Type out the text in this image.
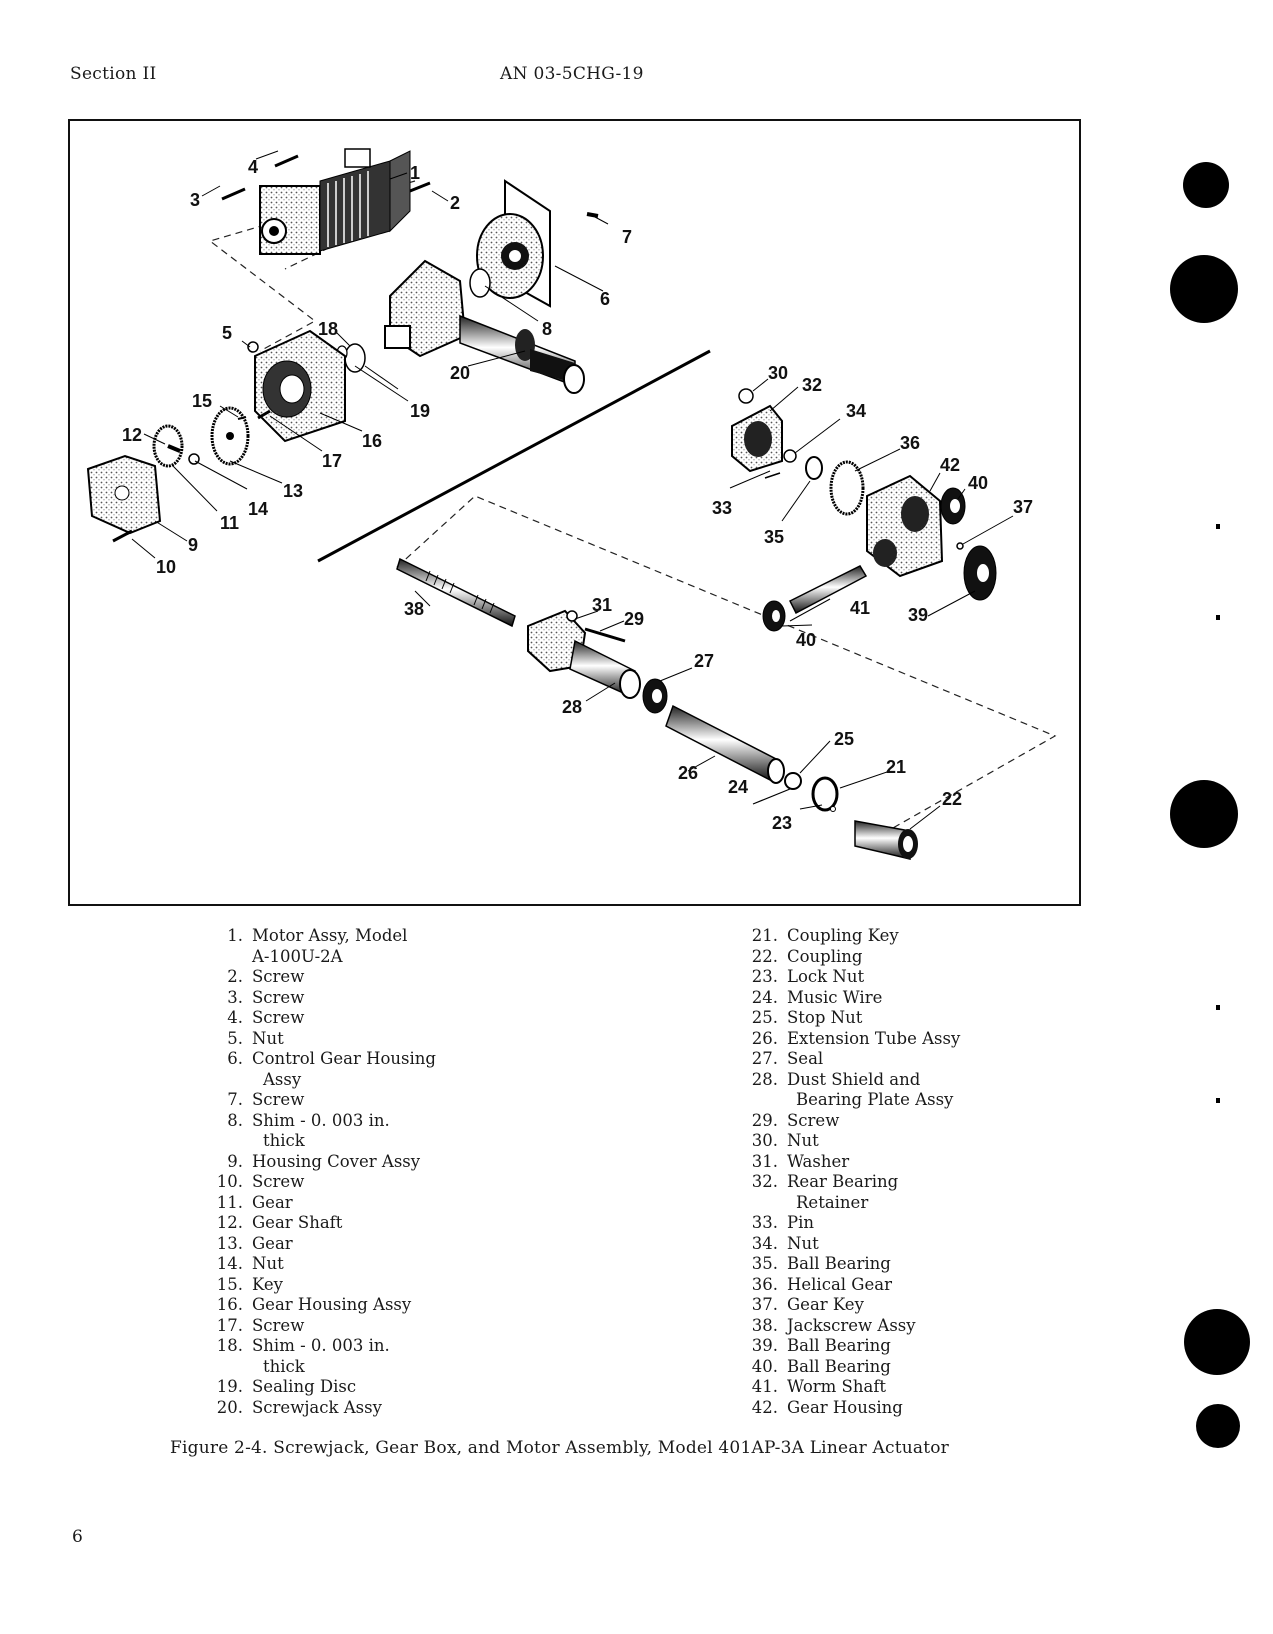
Section II	AN 03-5CHG-19
1
2
3
4
5
6
7
8
9
10
11
12
13
14
15
16
17
18
19
20
21
22
23
24
25
26
27
28
29
30
31
32
33
34
35
36
37
38	39
40
40
41
42
1. Motor Assy, Model
A-100U-2A
2. Screw
3. Screw
4. Screw
5. Nut
6. Control Gear Housing
Assy
7. Screw
8. Shim - 0. 003 in.
thick
9. Housing Cover Assy
10. Screw
11. Gear
12. Gear Shaft
13. Gear
14. Nut
15. Key
16. Gear Housing Assy
17. Screw
18. Shim - 0. 003 in.
thick
19. Sealing Disc
20. Screwjack Assy
21. Coupling Key
22. Coupling
23. Lock Nut
24. Music Wire
25. Stop Nut
26. Extension Tube Assy
27. Seal
28. Dust Shield and
Bearing Plate Assy
29. Screw
30. Nut
31. Washer
32. Rear Bearing
Retainer
33. Pin
34. Nut
35. Ball Bearing
36. Helical Gear
37. Gear Key
38. Jackscrew Assy
39. Ball Bearing
40. Ball Bearing
41. Worm Shaft
42. Gear Housing
Figure 2-4. Screwjack, Gear Box, and Motor Assembly, Model 401AP-3A Linear Actuator
6
